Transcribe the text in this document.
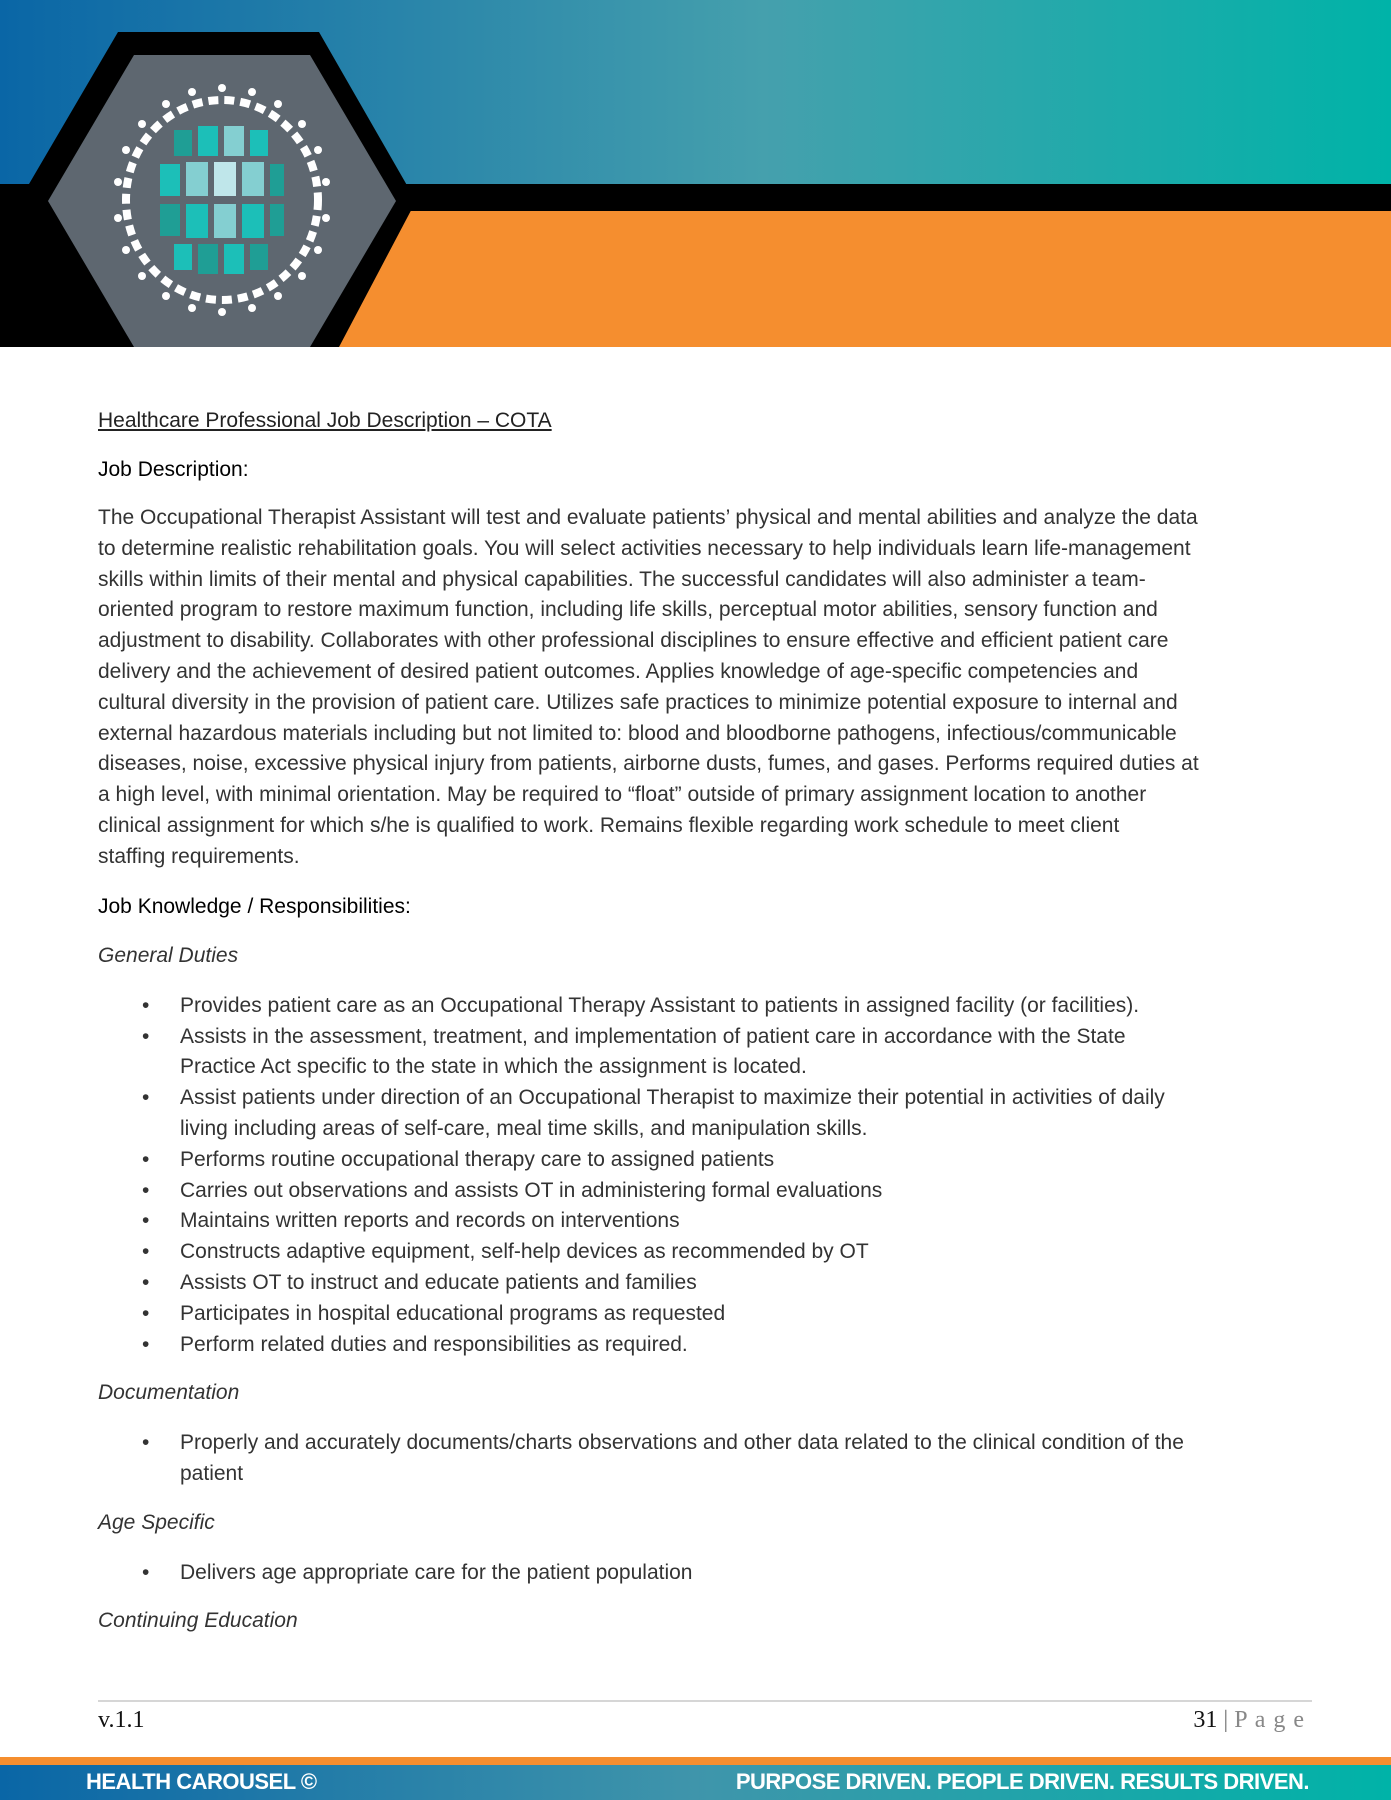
Healthcare Professional Job Description – COTA
Job Description:
The Occupational Therapist Assistant will test and evaluate patients’ physical and mental abilities and analyze the data
to determine realistic rehabilitation goals. You will select activities necessary to help individuals learn life-management
skills within limits of their mental and physical capabilities. The successful candidates will also administer a team-
oriented program to restore maximum function, including life skills, perceptual motor abilities, sensory function and
adjustment to disability. Collaborates with other professional disciplines to ensure effective and efficient patient care
delivery and the achievement of desired patient outcomes. Applies knowledge of age-specific competencies and
cultural diversity in the provision of patient care. Utilizes safe practices to minimize potential exposure to internal and
external hazardous materials including but not limited to: blood and bloodborne pathogens, infectious/communicable
diseases, noise, excessive physical injury from patients, airborne dusts, fumes, and gases. Performs required duties at
a high level, with minimal orientation. May be required to “float” outside of primary assignment location to another
clinical assignment for which s/he is qualified to work. Remains flexible regarding work schedule to meet client
staffing requirements.
Job Knowledge / Responsibilities:
General Duties
• Provides patient care as an Occupational Therapy Assistant to patients in assigned facility (or facilities).
• Assists in the assessment, treatment, and implementation of patient care in accordance with the State
Practice Act specific to the state in which the assignment is located.
• Assist patients under direction of an Occupational Therapist to maximize their potential in activities of daily
living including areas of self-care, meal time skills, and manipulation skills.
• Performs routine occupational therapy care to assigned patients
• Carries out observations and assists OT in administering formal evaluations
• Maintains written reports and records on interventions
• Constructs adaptive equipment, self-help devices as recommended by OT
• Assists OT to instruct and educate patients and families
• Participates in hospital educational programs as requested
• Perform related duties and responsibilities as required.
Documentation
• Properly and accurately documents/charts observations and other data related to the clinical condition of the
patient
Age Specific
• Delivers age appropriate care for the patient population
Continuing Education
v.1.1	31 | P a g e
HEALTH CAROUSEL ©	PURPOSE DRIVEN. PEOPLE DRIVEN. RESULTS DRIVEN.
